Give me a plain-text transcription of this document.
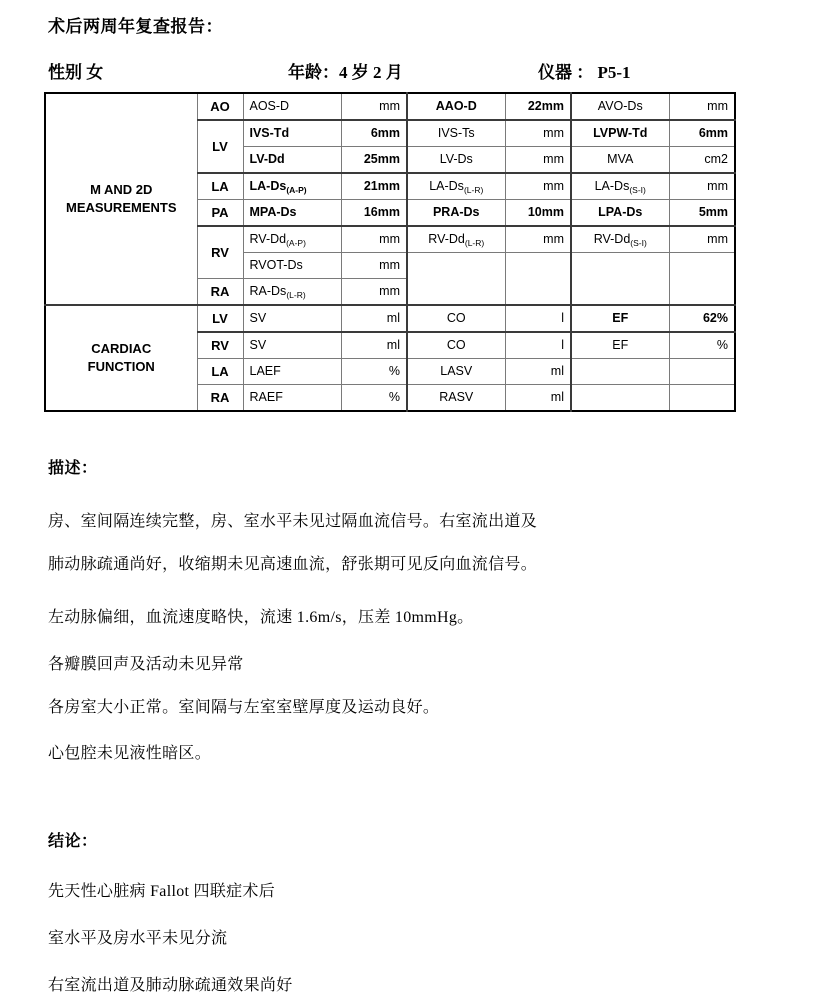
术后两周年复查报告：
性别 女	年龄：4 岁 2 月	仪器 ： P5-1
M AND 2D
MEASUREMENTS	AO	AOS-D	mm	AAO-D	22mm	AVO-Ds	mm
	LV	IVS-Td	6mm	IVS-Ts	mm	LVPW-Td	6mm
		LV-Dd	25mm	LV-Ds	mm	MVA	cm2
	LA	$LA-Ds_{(A-P)}$	21mm	$LA-Ds_{(L-R)}$	mm	$LA-Ds_{(S-I)}$	mm
	PA	MPA-Ds	16mm	PRA-Ds	10mm	LPA-Ds	5mm
	RV	$RV-Dd_{(A-P)}$	mm	$RV-Dd_{(L-R)}$	mm	$RV-Dd_{(S-I)}$	mm
		RVOT-Ds	mm				
	RA	$RA-Ds_{(L-R)}$	mm				

CARDIAC
FUNCTION	LV	SV	ml	CO	l	EF	62%
	RV	SV	ml	CO	l	EF	%
	LA	LAEF	%	LASV	ml		
	RA	RAEF	%	RASV	ml		
描述：
房、室间隔连续完整，房、室水平未见过隔血流信号。右室流出道及
肺动脉疏通尚好，收缩期未见高速血流，舒张期可见反向血流信号。
左动脉偏细，血流速度略快，流速 1.6m/s，压差 10mmHg。
各瓣膜回声及活动未见异常
各房室大小正常。室间隔与左室室壁厚度及运动良好。
心包腔未见液性暗区。
结论：
先天性心脏病 Fallot 四联症术后
室水平及房水平未见分流
右室流出道及肺动脉疏通效果尚好
